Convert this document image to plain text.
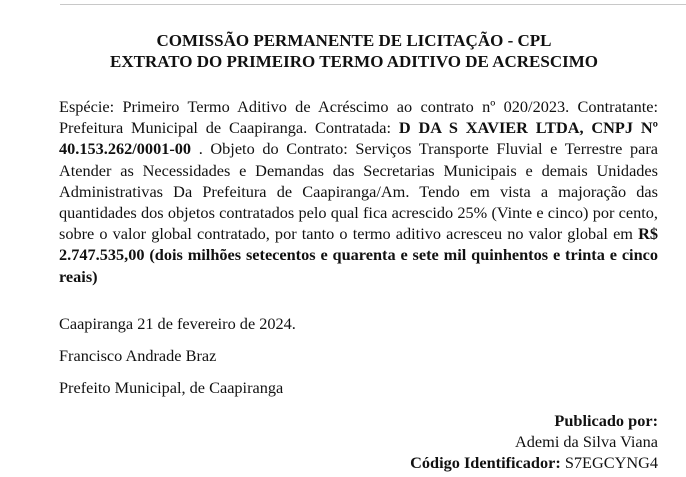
COMISSÃO PERMANENTE DE LICITAÇÃO - CPL
EXTRATO DO PRIMEIRO TERMO ADITIVO DE ACRESCIMO
Espécie: Primeiro Termo Aditivo de Acréscimo ao contrato nº 020/2023. Contratante: Prefeitura Municipal de Caapiranga. Contratada: D DA S XAVIER LTDA, CNPJ Nº 40.153.262/0001-00 . Objeto do Contrato: Serviços Transporte Fluvial e Terrestre para Atender as Necessidades e Demandas das Secretarias Municipais e demais Unidades Administrativas Da Prefeitura de Caapiranga/Am. Tendo em vista a majoração das quantidades dos objetos contratados pelo qual fica acrescido 25% (Vinte e cinco) por cento, sobre o valor global contratado, por tanto o termo aditivo acresceu no valor global em R$ 2.747.535,00 (dois milhões setecentos e quarenta e sete mil quinhentos e trinta e cinco reais)
Caapiranga 21 de fevereiro de 2024.
Francisco Andrade Braz
Prefeito Municipal, de Caapiranga
Publicado por:
Ademi da Silva Viana
Código Identificador: S7EGCYNG4
